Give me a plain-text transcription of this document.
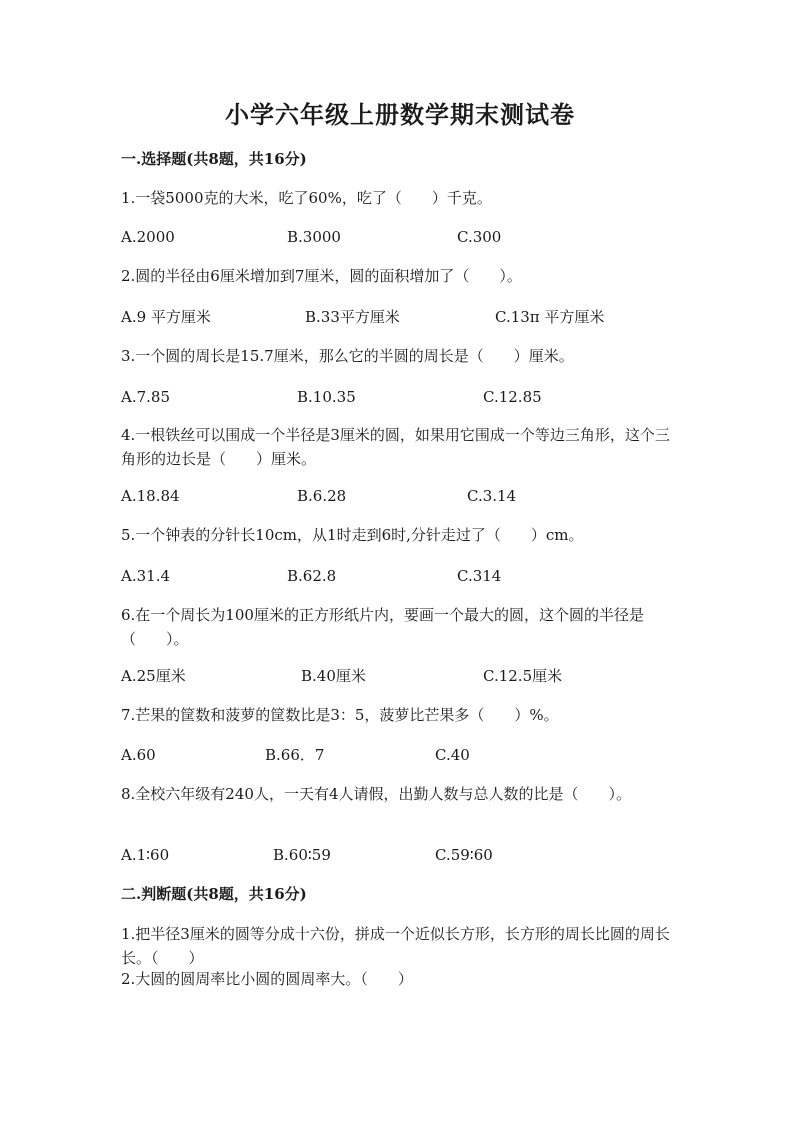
小学六年级上册数学期末测试卷
一.选择题(共8题，共16分)
1.一袋5000克的大米，吃了60%，吃了（　　）千克。
A.2000	B.3000	C.300
2.圆的半径由6厘米增加到7厘米，圆的面积增加了（　　）。
A.9 平方厘米	B.33平方厘米	C.13π 平方厘米
3.一个圆的周长是15.7厘米，那么它的半圆的周长是（　　）厘米。
A.7.85	B.10.35	C.12.85
4.一根铁丝可以围成一个半径是3厘米的圆，如果用它围成一个等边三角形，这个三角形的边长是（　　）厘米。
A.18.84	B.6.28	C.3.14
5.一个钟表的分针长10cm，从1时走到6时,分针走过了（　　）cm。
A.31.4	B.62.8	C.314
6.在一个周长为100厘米的正方形纸片内，要画一个最大的圆，这个圆的半径是（　　）。
A.25厘米	B.40厘米	C.12.5厘米
7.芒果的筐数和菠萝的筐数比是3：5，菠萝比芒果多（　　）%。
A.60	B.66．7	C.40
8.全校六年级有240人，一天有4人请假，出勤人数与总人数的比是（　　）。
A.1∶60	B.60∶59	C.59∶60
二.判断题(共8题，共16分)
1.把半径3厘米的圆等分成十六份，拼成一个近似长方形，长方形的周长比圆的周长长。（　　）
2.大圆的圆周率比小圆的圆周率大。（　　）
